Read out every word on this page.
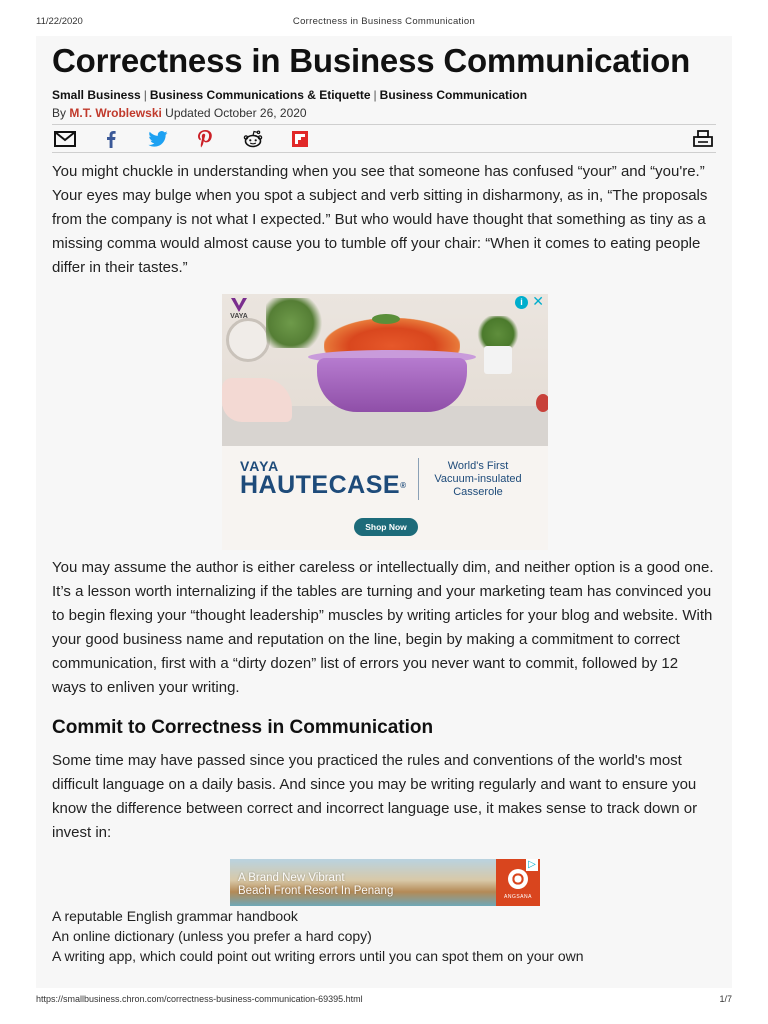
11/22/2020	Correctness in Business Communication
Correctness in Business Communication
Small Business | Business Communications & Etiquette | Business Communication
By M.T. Wroblewski Updated October 26, 2020

You might chuckle in understanding when you see that someone has confused “your” and “you're.” Your eyes may bulge when you spot a subject and verb sitting in disharmony, as in, “The proposals from the company is not what I expected.” But who would have thought that something as tiny as a missing comma would almost cause you to tumble off your chair: “When it comes to eating people differ in their tastes.”

VAYA
i ✕
VAYA
HAUTECASE®
World's First
Vacuum-insulated
Casserole
Shop Now

You may assume the author is either careless or intellectually dim, and neither option is a good one. It’s a lesson worth internalizing if the tables are turning and your marketing team has convinced you to begin flexing your “thought leadership” muscles by writing articles for your blog and website. With your good business name and reputation on the line, begin by making a commitment to correct communication, first with a “dirty dozen” list of errors you never want to commit, followed by 12 ways to enliven your writing.

Commit to Correctness in Communication

Some time may have passed since you practiced the rules and conventions of the world's most difficult language on a daily basis. And since you may be writing regularly and want to ensure you know the difference between correct and incorrect language use, it makes sense to track down or invest in:

A Brand New Vibrant
Beach Front Resort In Penang	ANGSANA
▷
A reputable English grammar handbook
An online dictionary (unless you prefer a hard copy)
A writing app, which could point out writing errors until you can spot them on your own
https://smallbusiness.chron.com/correctness-business-communication-69395.html	1/7
